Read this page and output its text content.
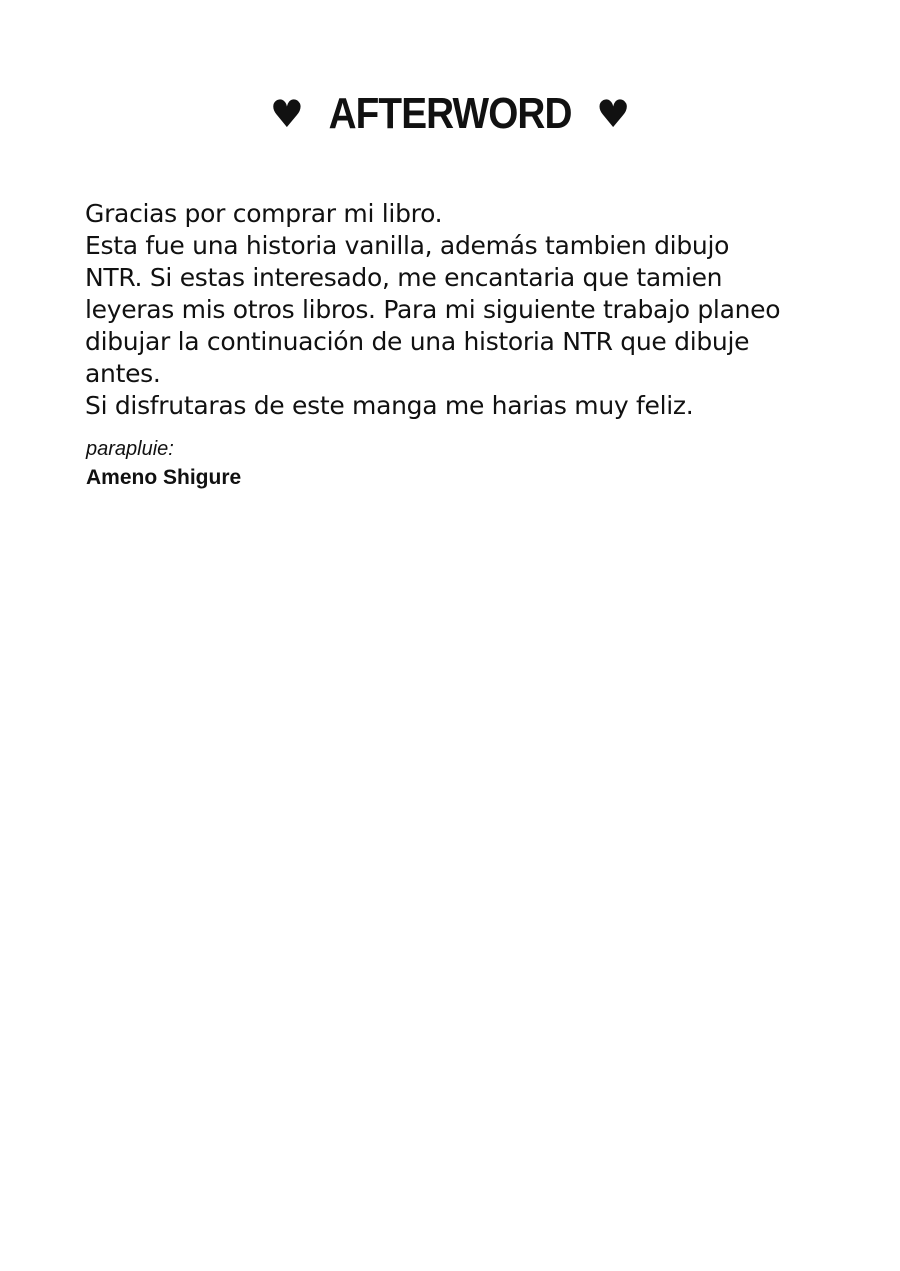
♥ AFTERWORD ♥
Gracias por comprar mi libro.
Esta fue una historia vanilla, además tambien dibujo
NTR. Si estas interesado, me encantaria que tamien
leyeras mis otros libros. Para mi siguiente trabajo planeo
dibujar la continuación de una historia NTR que dibuje
antes.
Si disfrutaras de este manga me harias muy feliz.
parapluie:
Ameno Shigure
